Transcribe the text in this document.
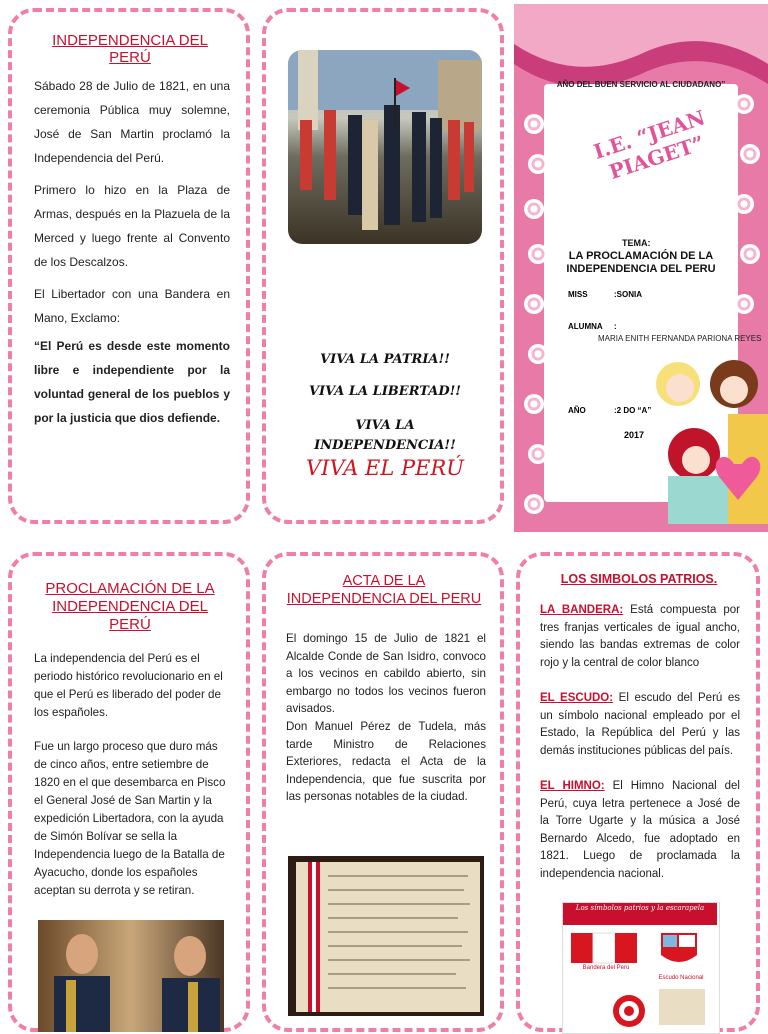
INDEPENDENCIA DEL PERÚ

Sábado 28 de Julio de 1821, en una ceremonia Pública muy solemne, José de San Martin proclamó la Independencia del Perú.

Primero lo hizo en la Plaza de Armas, después en la Plazuela de la Merced y luego frente al Convento de los Descalzos.

El Libertador con una Bandera en Mano, Exclamo:

“El Perú es desde este momento libre e independiente por la voluntad general de los pueblos y por la justicia que dios defiende.

VIVA LA PATRIA!!
VIVA LA LIBERTAD!!
VIVA LA INDEPENDENCIA!!
VIVA EL PERÚ
AÑO DEL BUEN SERVICIO AL CIUDADANO”
I.E. “JEAN PIAGET”
TEMA:
LA PROCLAMACIÓN DE LA INDEPENDENCIA DEL PERU
MISS	:SONIA
ALUMNA :
MARIA ENITH FERNANDA PARIONA REYES
AÑO	:2 DO “A”
2017
PROCLAMACIÓN DE LA INDEPENDENCIA DEL PERÚ

La independencia del Perú es el periodo histórico revolucionario en el que el Perú es liberado del poder de los españoles.

Fue un largo proceso que duro más de cinco años, entre setiembre de 1820 en el que desembarca en Pisco el General José de San Martin y la expedición Libertadora, con la ayuda de Simón Bolívar se sella la Independencia luego de la Batalla de Ayacucho, donde los españoles aceptan su derrota y se retiran.

ACTA DE LA INDEPENDENCIA DEL PERU

El domingo 15 de Julio de 1821 el Alcalde Conde de San Isidro, convoco a los vecinos en cabildo abierto, sin embargo no todos los vecinos fueron avisados.

Don Manuel Pérez de Tudela, más tarde Ministro de Relaciones Exteriores, redacta el Acta de la Independencia, que fue suscrita por las personas notables de la ciudad.

LOS SIMBOLOS PATRIOS.

LA BANDERA: Está compuesta por tres franjas verticales de igual ancho, siendo las bandas extremas de color rojo y la central de color blanco

EL ESCUDO: El escudo del Perú es un símbolo nacional empleado por el Estado, la República del Perú y las demás instituciones públicas del país.

EL HIMNO: El Himno Nacional del Perú, cuya letra pertenece a José de la Torre Ugarte y la música a José Bernardo Alcedo, fue adoptado en 1821. Luego de proclamada la independencia nacional.

Los símbolos patrios y la escarapela
Bandera del Perú
Escudo Nacional
